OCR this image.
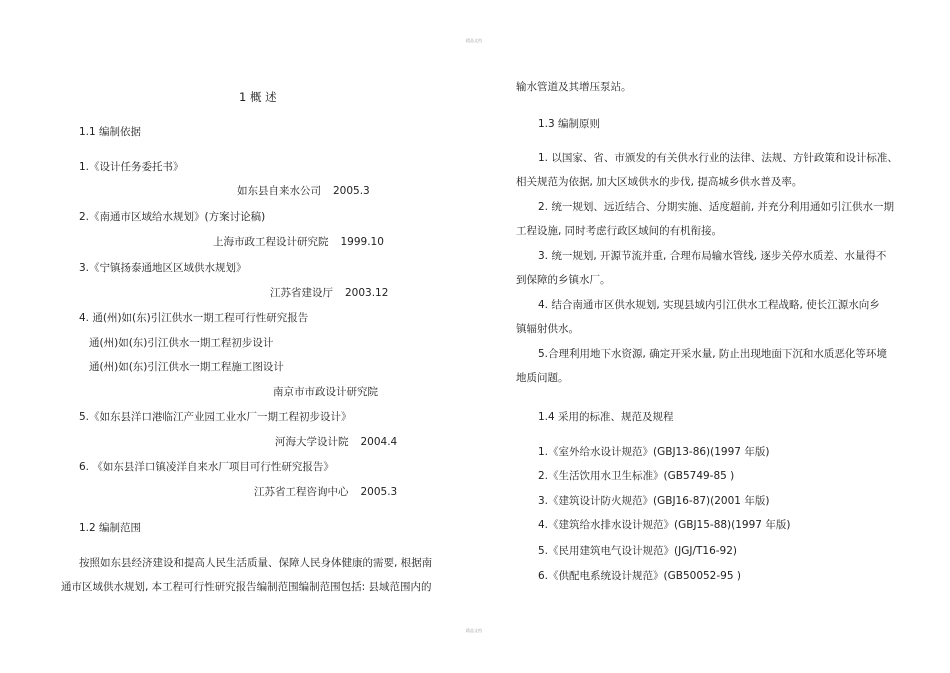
精品文档
精品文档
1 概 述
1.1 编制依据
1.《设计任务委托书》
如东县自来水公司 2005.3
2.《南通市区域给水规划》(方案讨论稿)
上海市政工程设计研究院 1999.10
3.《宁镇扬泰通地区区域供水规划》
江苏省建设厅 2003.12
4. 通(州)如(东)引江供水一期工程可行性研究报告
通(州)如(东)引江供水一期工程初步设计
通(州)如(东)引江供水一期工程施工图设计
南京市市政设计研究院
5.《如东县洋口港临江产业园工业水厂一期工程初步设计》
河海大学设计院 2004.4
6. 《如东县洋口镇凌洋自来水厂项目可行性研究报告》
江苏省工程咨询中心 2005.3
1.2 编制范围
按照如东县经济建设和提高人民生活质量、保障人民身体健康的需要, 根据南
通市区域供水规划, 本工程可行性研究报告编制范围编制范围包括: 县域范围内的
输水管道及其增压泵站。
1.3 编制原则
1. 以国家、省、市颁发的有关供水行业的法律、法规、方针政策和设计标准、
相关规范为依据, 加大区域供水的步伐, 提高城乡供水普及率。
2. 统一规划、远近结合、分期实施、适度超前, 并充分利用通如引江供水一期
工程设施, 同时考虑行政区域间的有机衔接。
3. 统一规划, 开源节流并重, 合理布局输水管线, 逐步关停水质差、水量得不
到保障的乡镇水厂。
4. 结合南通市区供水规划, 实现县域内引江供水工程战略, 使长江源水向乡
镇辐射供水。
5.合理利用地下水资源, 确定开采水量, 防止出现地面下沉和水质恶化等环境
地质问题。
1.4 采用的标准、规范及规程
1.《室外给水设计规范》(GBJ13-86)(1997 年版)
2.《生活饮用水卫生标准》(GB5749-85 )
3.《建筑设计防火规范》(GBJ16-87)(2001 年版)
4.《建筑给水排水设计规范》(GBJ15-88)(1997 年版)
5.《民用建筑电气设计规范》(JGJ/T16-92)
6.《供配电系统设计规范》(GB50052-95 )
